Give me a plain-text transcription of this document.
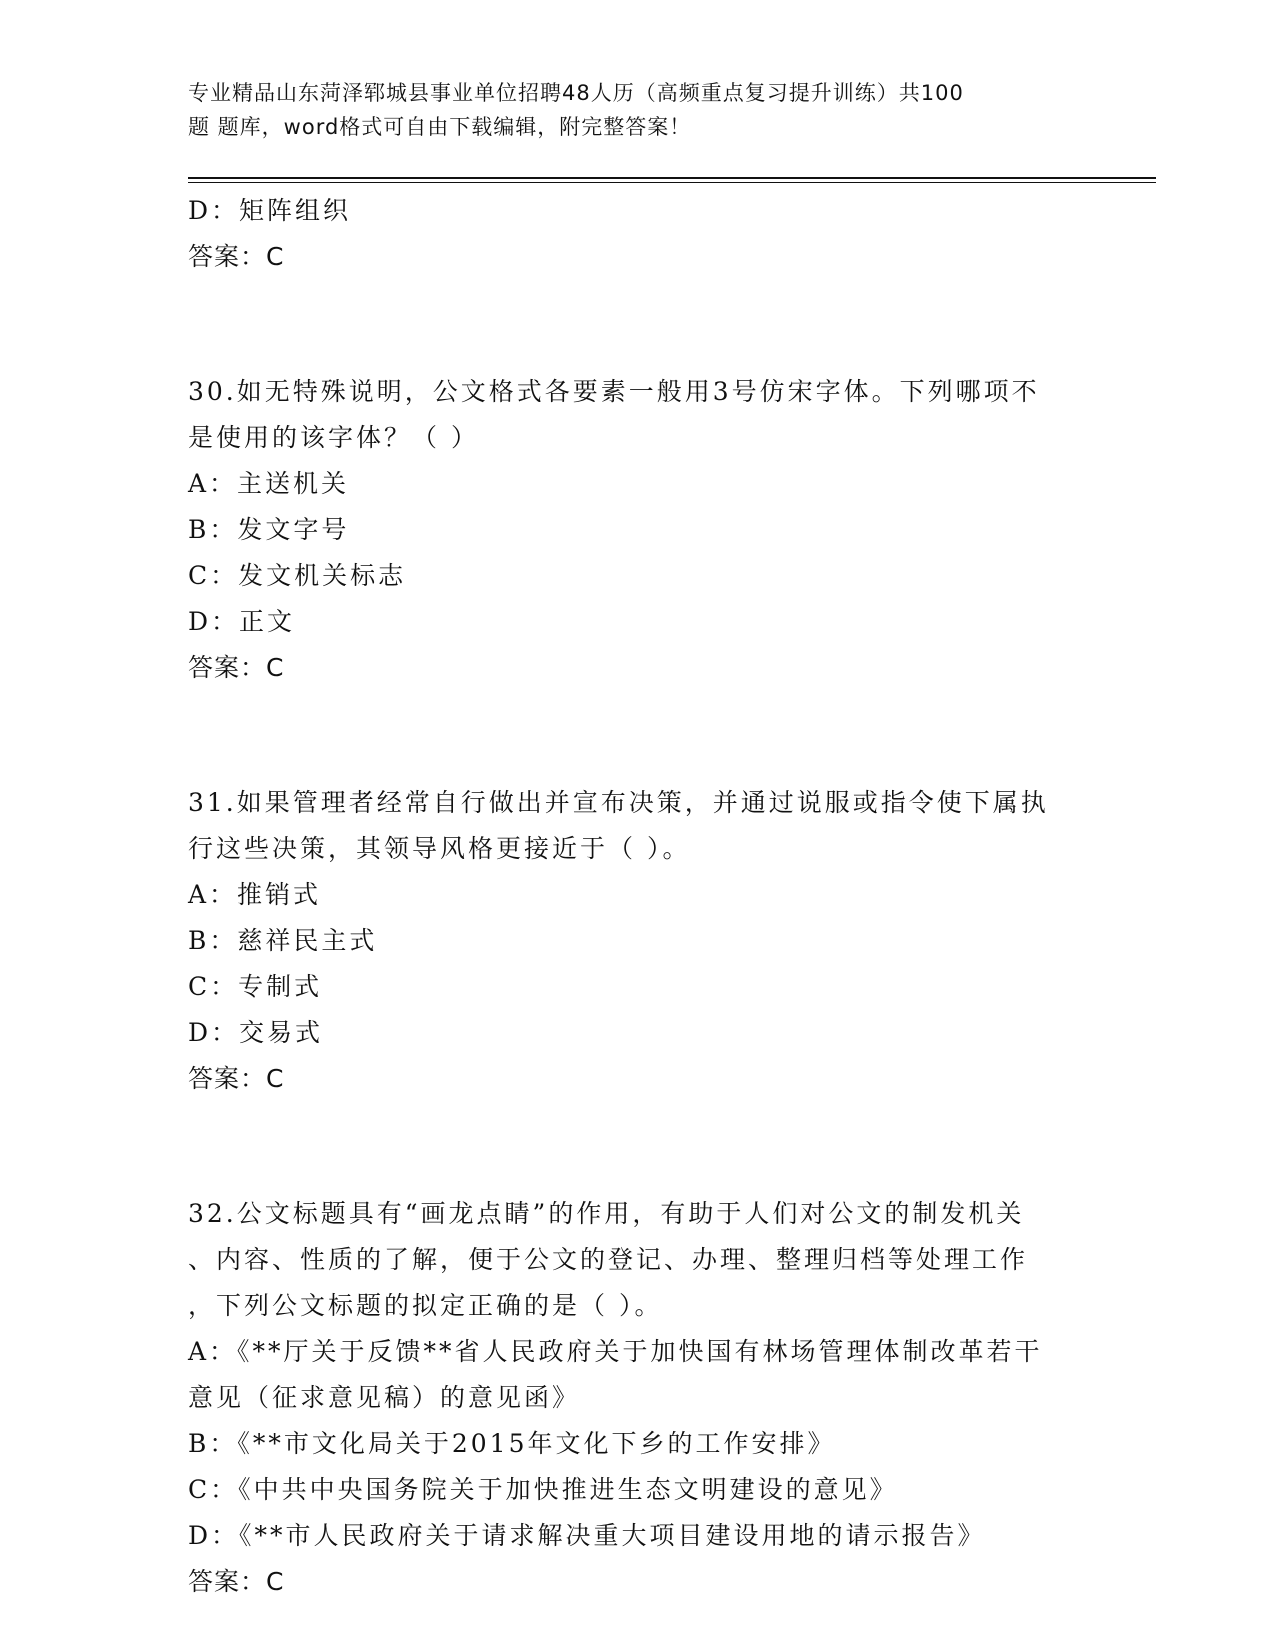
专业精品山东菏泽郓城县事业单位招聘48人历（高频重点复习提升训练）共100
题 题库，word格式可自由下载编辑，附完整答案！
D：矩阵组织
答案：C
30.如无特殊说明，公文格式各要素一般用3号仿宋字体。下列哪项不
是使用的该字体？（ ）
A：主送机关
B：发文字号
C：发文机关标志
D：正文
答案：C
31.如果管理者经常自行做出并宣布决策，并通过说服或指令使下属执
行这些决策，其领导风格更接近于（ ）。
A：推销式
B：慈祥民主式
C：专制式
D：交易式
答案：C
32.公文标题具有“画龙点睛”的作用，有助于人们对公文的制发机关
、内容、性质的了解，便于公文的登记、办理、整理归档等处理工作
，下列公文标题的拟定正确的是（ ）。
A：《**厅关于反馈**省人民政府关于加快国有林场管理体制改革若干
意见（征求意见稿）的意见函》
B：《**市文化局关于2015年文化下乡的工作安排》
C：《中共中央国务院关于加快推进生态文明建设的意见》
D：《**市人民政府关于请求解决重大项目建设用地的请示报告》
答案：C
